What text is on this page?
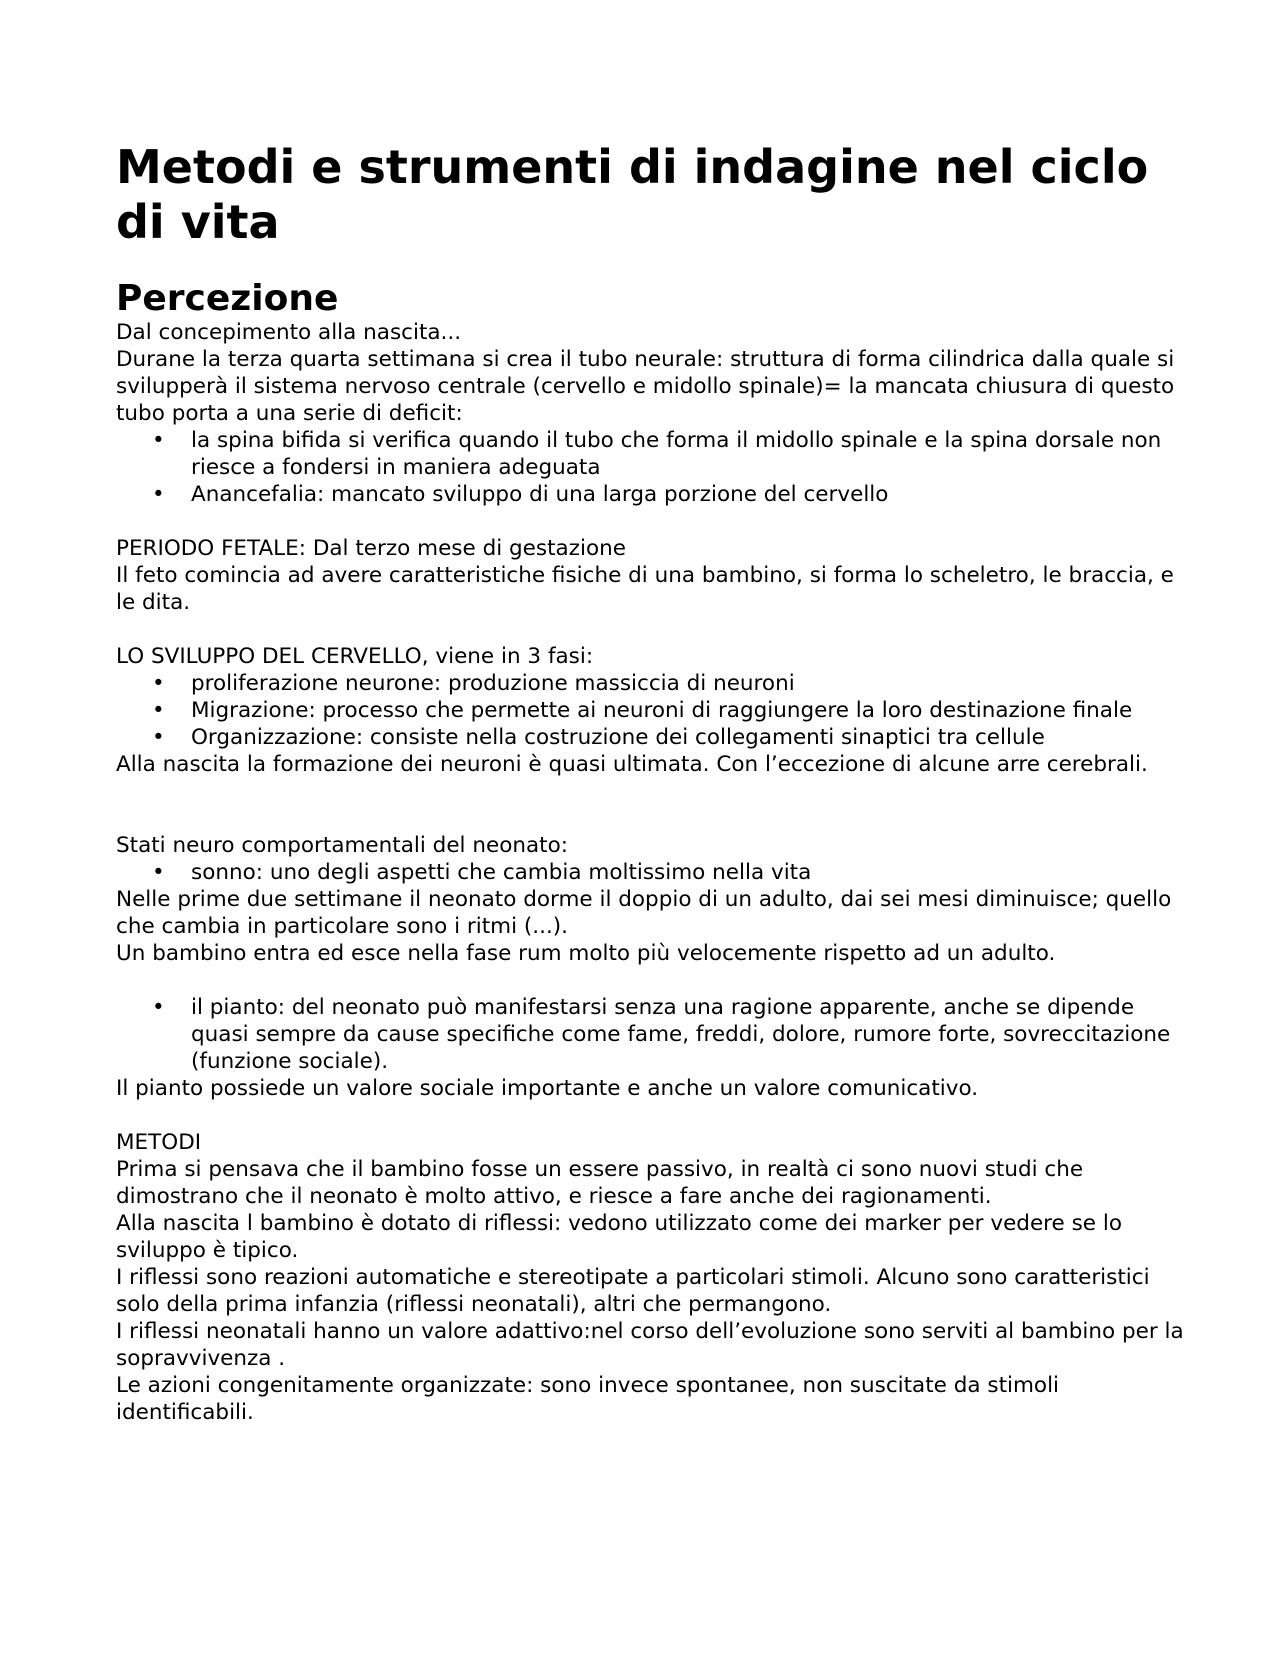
Metodi e strumenti di indagine nel ciclo di vita
Percezione

Dal concepimento alla nascita...

Durane la terza quarta settimana si crea il tubo neurale: struttura di forma cilindrica dalla quale si svilupperà il sistema nervoso centrale (cervello e midollo spinale)= la mancata chiusura di questo tubo porta a una serie di deficit:

• la spina bifida si verifica quando il tubo che forma il midollo spinale e la spina dorsale non riesce a fondersi in maniera adeguata
• Anancefalia: mancato sviluppo di una larga porzione del cervello

PERIODO FETALE: Dal terzo mese di gestazione

Il feto comincia ad avere caratteristiche fisiche di una bambino, si forma lo scheletro, le braccia, e le dita.

LO SVILUPPO DEL CERVELLO, viene in 3 fasi:

• proliferazione neurone: produzione massiccia di neuroni
• Migrazione: processo che permette ai neuroni di raggiungere la loro destinazione finale
• Organizzazione: consiste nella costruzione dei collegamenti sinaptici tra cellule

Alla nascita la formazione dei neuroni è quasi ultimata. Con l’eccezione di alcune arre cerebrali.

Stati neuro comportamentali del neonato:

• sonno: uno degli aspetti che cambia moltissimo nella vita

Nelle prime due settimane il neonato dorme il doppio di un adulto, dai sei mesi diminuisce; quello che cambia in particolare sono i ritmi (...).

Un bambino entra ed esce nella fase rum molto più velocemente rispetto ad un adulto.

• il pianto: del neonato può manifestarsi senza una ragione apparente, anche se dipende quasi sempre da cause specifiche come fame, freddi, dolore, rumore forte, sovreccitazione (funzione sociale).

Il pianto possiede un valore sociale importante e anche un valore comunicativo.

METODI

Prima si pensava che il bambino fosse un essere passivo, in realtà ci sono nuovi studi che dimostrano che il neonato è molto attivo, e riesce a fare anche dei ragionamenti.

Alla nascita l bambino è dotato di riflessi: vedono utilizzato come dei marker per vedere se lo sviluppo è tipico.

I riflessi sono reazioni automatiche e stereotipate a particolari stimoli. Alcuno sono caratteristici solo della prima infanzia (riflessi neonatali), altri che permangono.

I riflessi neonatali hanno un valore adattivo:nel corso dell’evoluzione sono serviti al bambino per la sopravvivenza .

Le azioni congenitamente organizzate: sono invece spontanee, non suscitate da stimoli identificabili.
